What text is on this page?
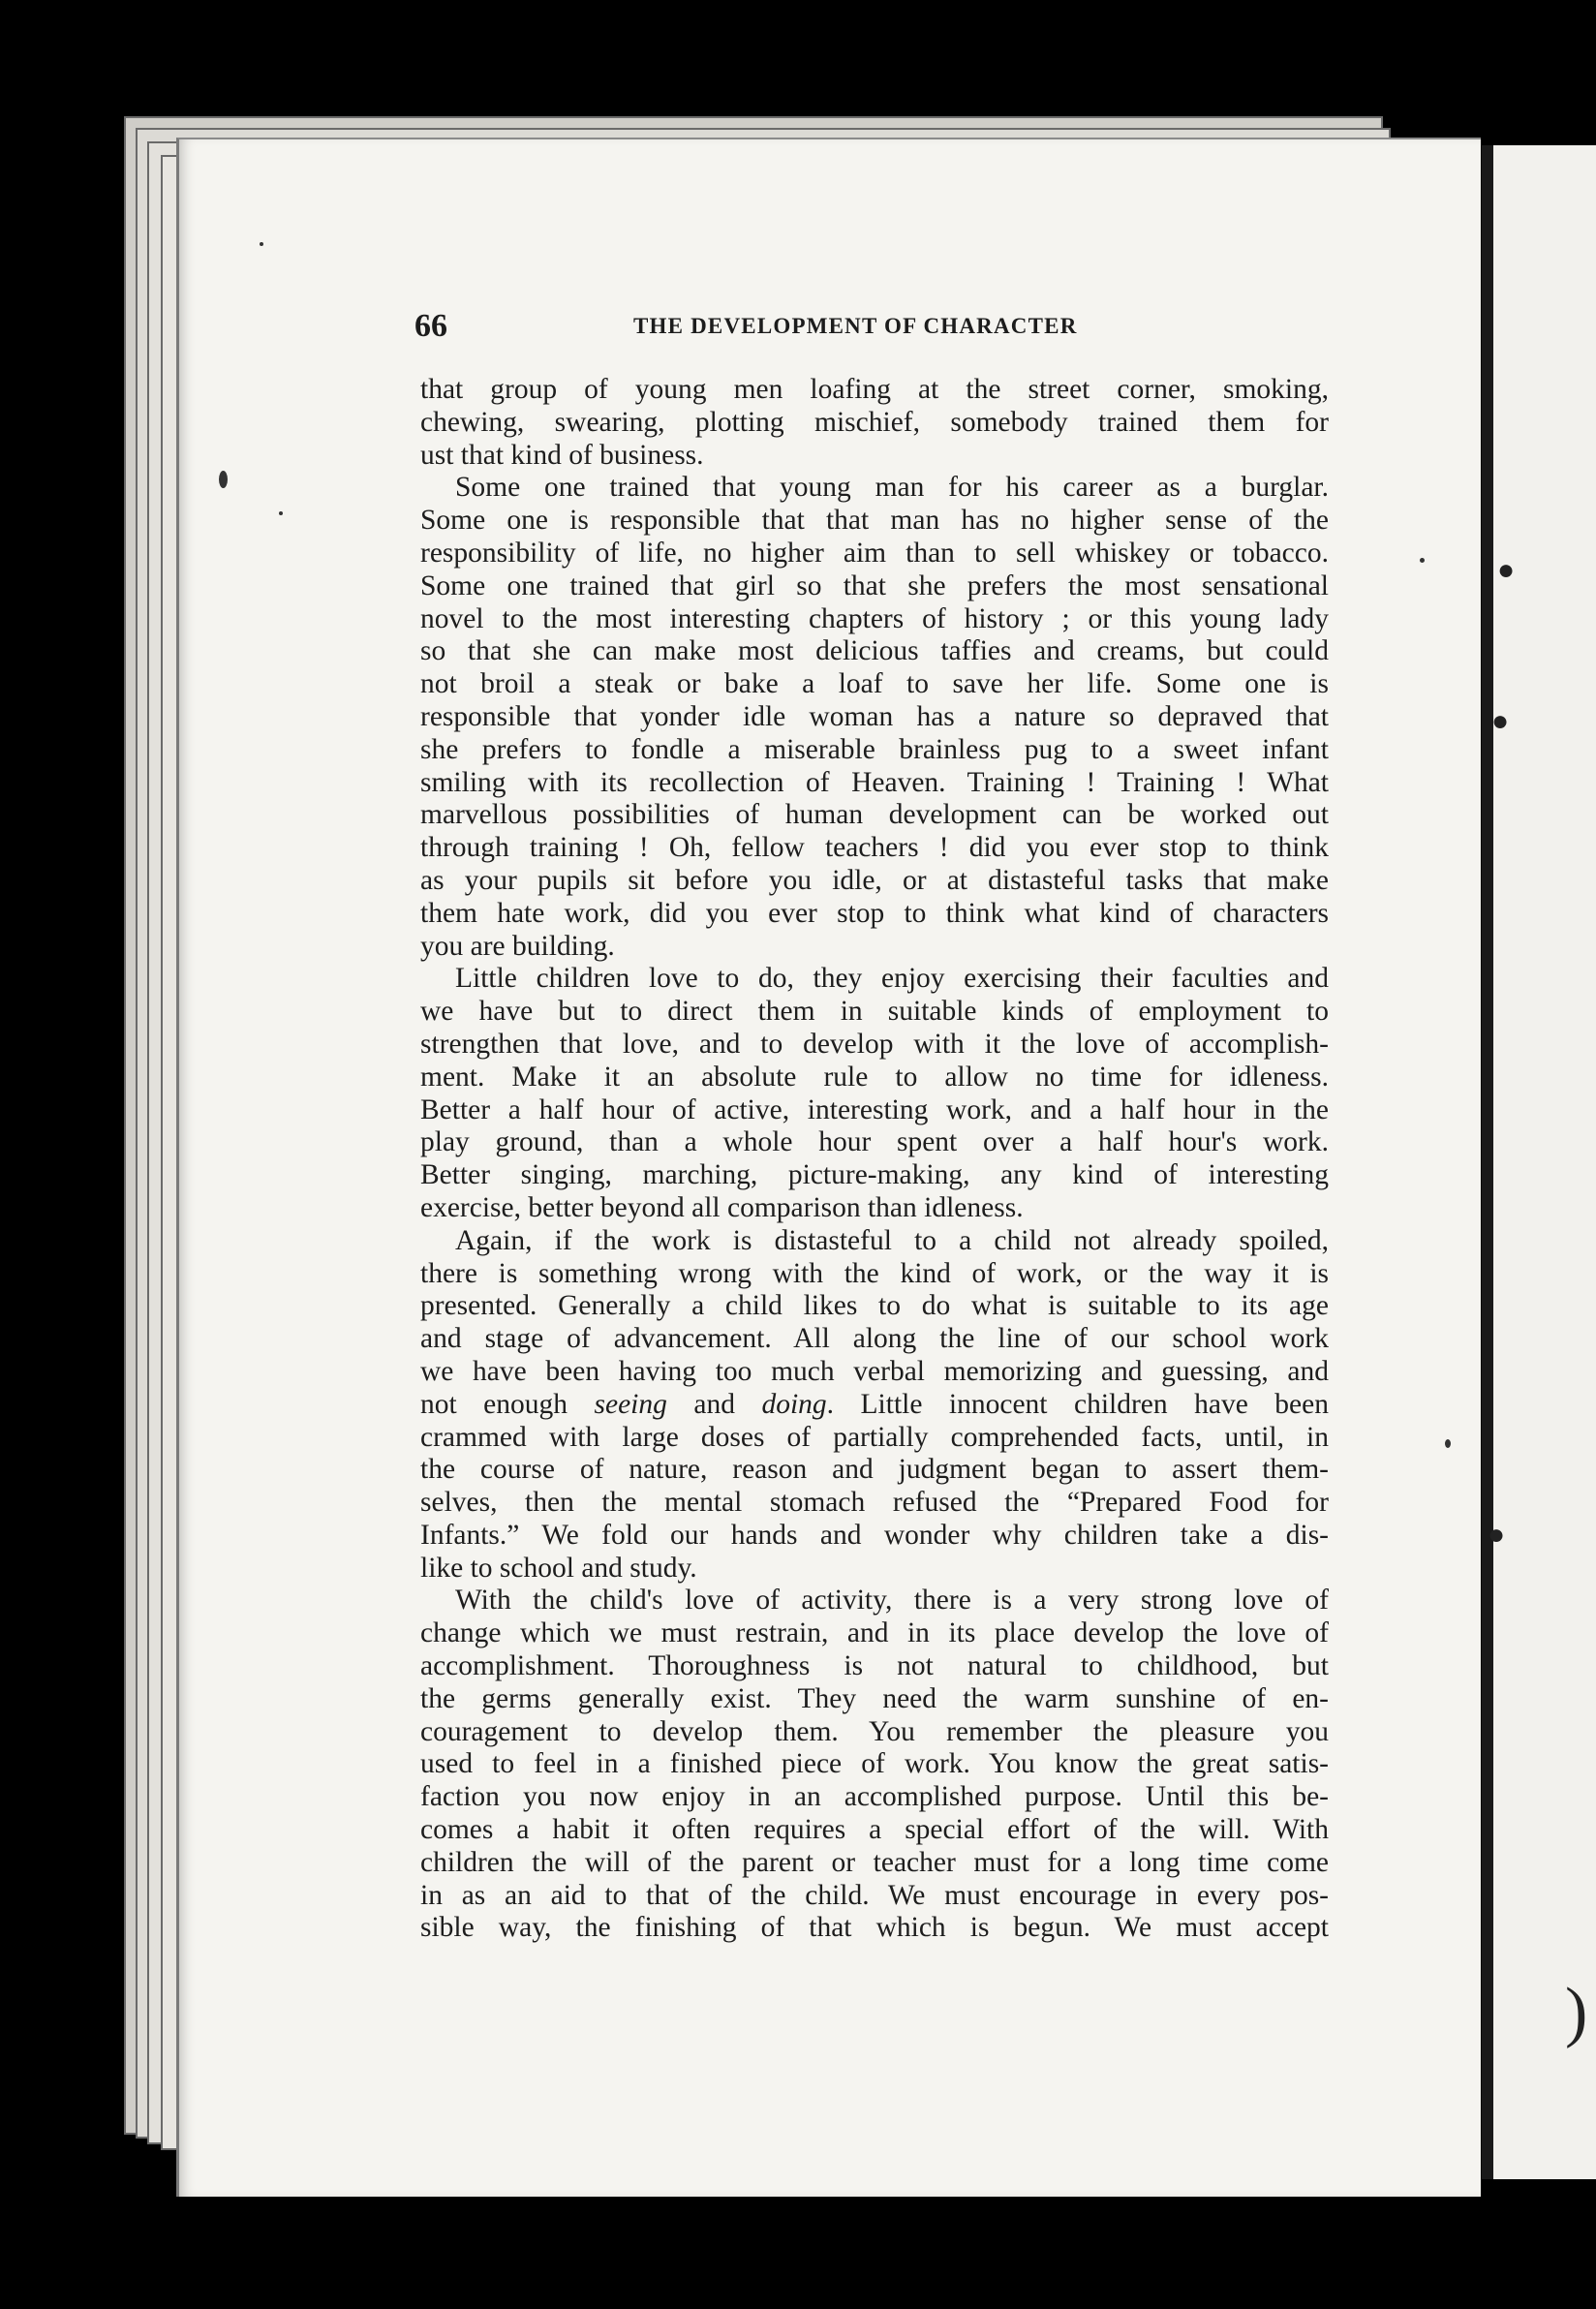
●
●
●
)
66	THE DEVELOPMENT OF CHARACTER
that group of young men loafing at the street corner, smoking,
chewing, swearing, plotting mischief, somebody trained them for
ust that kind of business.
Some one trained that young man for his career as a burglar.
Some one is responsible that that man has no higher sense of the
responsibility of life, no higher aim than to sell whiskey or tobacco.
Some one trained that girl so that she prefers the most sensational
novel to the most interesting chapters of history ; or this young lady
so that she can make most delicious taffies and creams, but could
not broil a steak or bake a loaf to save her life. Some one is
responsible that yonder idle woman has a nature so depraved that
she prefers to fondle a miserable brainless pug to a sweet infant
smiling with its recollection of Heaven. Training ! Training ! What
marvellous possibilities of human development can be worked out
through training ! Oh, fellow teachers ! did you ever stop to think
as your pupils sit before you idle, or at distasteful tasks that make
them hate work, did you ever stop to think what kind of characters
you are building.
Little children love to do, they enjoy exercising their faculties and
we have but to direct them in suitable kinds of employment to
strengthen that love, and to develop with it the love of accomplish-
ment. Make it an absolute rule to allow no time for idleness.
Better a half hour of active, interesting work, and a half hour in the
play ground, than a whole hour spent over a half hour's work.
Better singing, marching, picture-making, any kind of interesting
exercise, better beyond all comparison than idleness.
Again, if the work is distasteful to a child not already spoiled,
there is something wrong with the kind of work, or the way it is
presented. Generally a child likes to do what is suitable to its age
and stage of advancement. All along the line of our school work
we have been having too much verbal memorizing and guessing, and
not enough seeing and doing. Little innocent children have been
crammed with large doses of partially comprehended facts, until, in
the course of nature, reason and judgment began to assert them-
selves, then the mental stomach refused the “Prepared Food for
Infants.” We fold our hands and wonder why children take a dis-
like to school and study.
With the child's love of activity, there is a very strong love of
change which we must restrain, and in its place develop the love of
accomplishment. Thoroughness is not natural to childhood, but
the germs generally exist. They need the warm sunshine of en-
couragement to develop them. You remember the pleasure you
used to feel in a finished piece of work. You know the great satis-
faction you now enjoy in an accomplished purpose. Until this be-
comes a habit it often requires a special effort of the will. With
children the will of the parent or teacher must for a long time come
in as an aid to that of the child. We must encourage in every pos-
sible way, the finishing of that which is begun. We must accept
